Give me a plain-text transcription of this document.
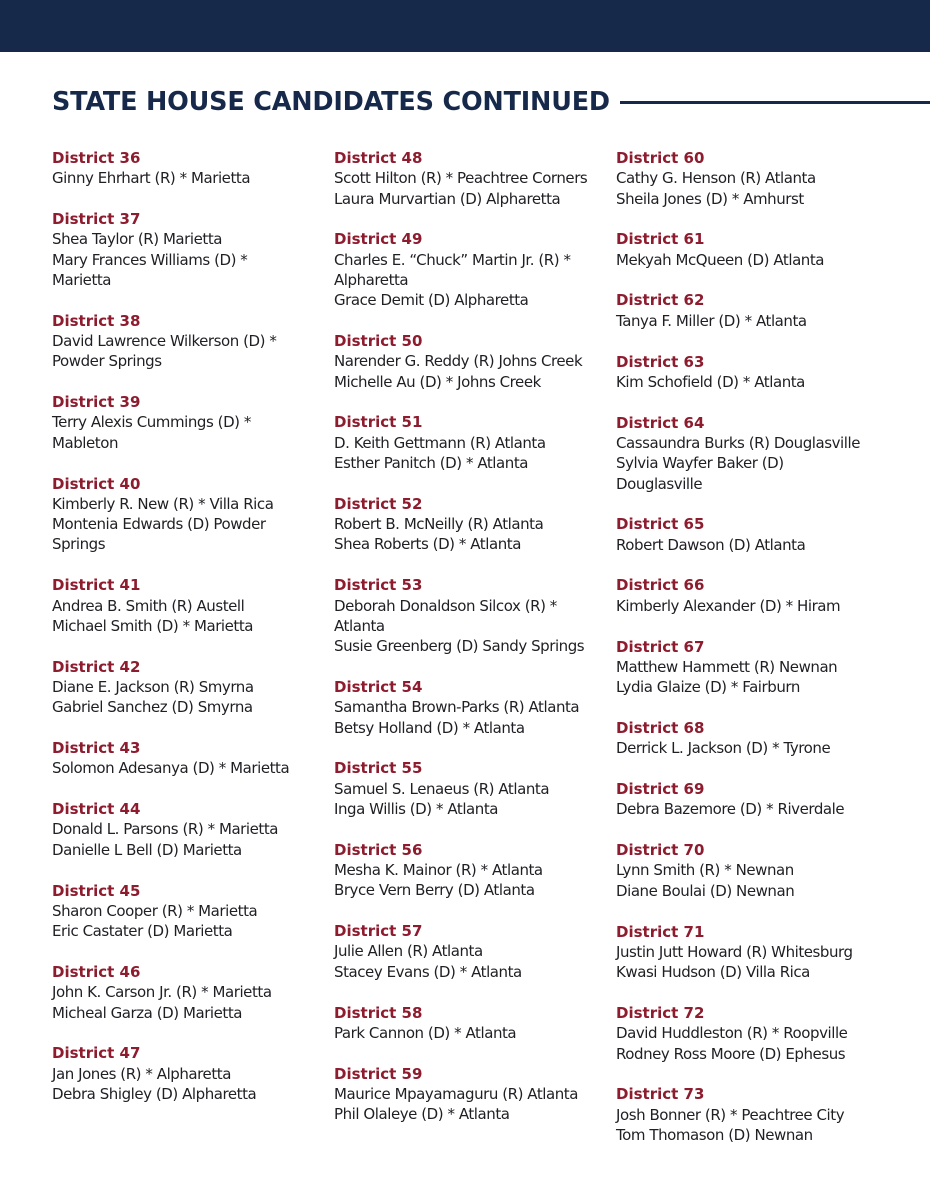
STATE HOUSE CANDIDATES CONTINUED
District 36
Ginny Ehrhart (R) * Marietta
District 37
Shea Taylor (R) Marietta
Mary Frances Williams (D) *
Marietta
District 38
David Lawrence Wilkerson (D) *
Powder Springs
District 39
Terry Alexis Cummings (D) *
Mableton
District 40
Kimberly R. New (R) * Villa Rica
Montenia Edwards (D) Powder
Springs
District 41
Andrea B. Smith (R) Austell
Michael Smith (D) * Marietta
District 42
Diane E. Jackson (R) Smyrna
Gabriel Sanchez (D) Smyrna
District 43
Solomon Adesanya (D) * Marietta
District 44
Donald L. Parsons (R) * Marietta
Danielle L Bell (D) Marietta
District 45
Sharon Cooper (R) * Marietta
Eric Castater (D) Marietta
District 46
John K. Carson Jr. (R) * Marietta
Micheal Garza (D) Marietta
District 47
Jan Jones (R) * Alpharetta
Debra Shigley (D) Alpharetta
District 48
Scott Hilton (R) * Peachtree Corners
Laura Murvartian (D) Alpharetta
District 49
Charles E. “Chuck” Martin Jr. (R) *
Alpharetta
Grace Demit (D) Alpharetta
District 50
Narender G. Reddy (R) Johns Creek
Michelle Au (D) * Johns Creek
District 51
D. Keith Gettmann (R) Atlanta
Esther Panitch (D) * Atlanta
District 52
Robert B. McNeilly (R) Atlanta
Shea Roberts (D) * Atlanta
District 53
Deborah Donaldson Silcox (R) *
Atlanta
Susie Greenberg (D) Sandy Springs
District 54
Samantha Brown-Parks (R) Atlanta
Betsy Holland (D) * Atlanta
District 55
Samuel S. Lenaeus (R) Atlanta
Inga Willis (D) * Atlanta
District 56
Mesha K. Mainor (R) * Atlanta
Bryce Vern Berry (D) Atlanta
District 57
Julie Allen (R) Atlanta
Stacey Evans (D) * Atlanta
District 58
Park Cannon (D) * Atlanta
District 59
Maurice Mpayamaguru (R) Atlanta
Phil Olaleye (D) * Atlanta
District 60
Cathy G. Henson (R) Atlanta
Sheila Jones (D) * Amhurst
District 61
Mekyah McQueen (D) Atlanta
District 62
Tanya F. Miller (D) * Atlanta
District 63
Kim Schofield (D) * Atlanta
District 64
Cassaundra Burks (R) Douglasville
Sylvia Wayfer Baker (D)
Douglasville
District 65
Robert Dawson (D) Atlanta
District 66
Kimberly Alexander (D) * Hiram
District 67
Matthew Hammett (R) Newnan
Lydia Glaize (D) * Fairburn
District 68
Derrick L. Jackson (D) * Tyrone
District 69
Debra Bazemore (D) * Riverdale
District 70
Lynn Smith (R) * Newnan
Diane Boulai (D) Newnan
District 71
Justin Jutt Howard (R) Whitesburg
Kwasi Hudson (D) Villa Rica
District 72
David Huddleston (R) * Roopville
Rodney Ross Moore (D) Ephesus
District 73
Josh Bonner (R) * Peachtree City
Tom Thomason (D) Newnan
